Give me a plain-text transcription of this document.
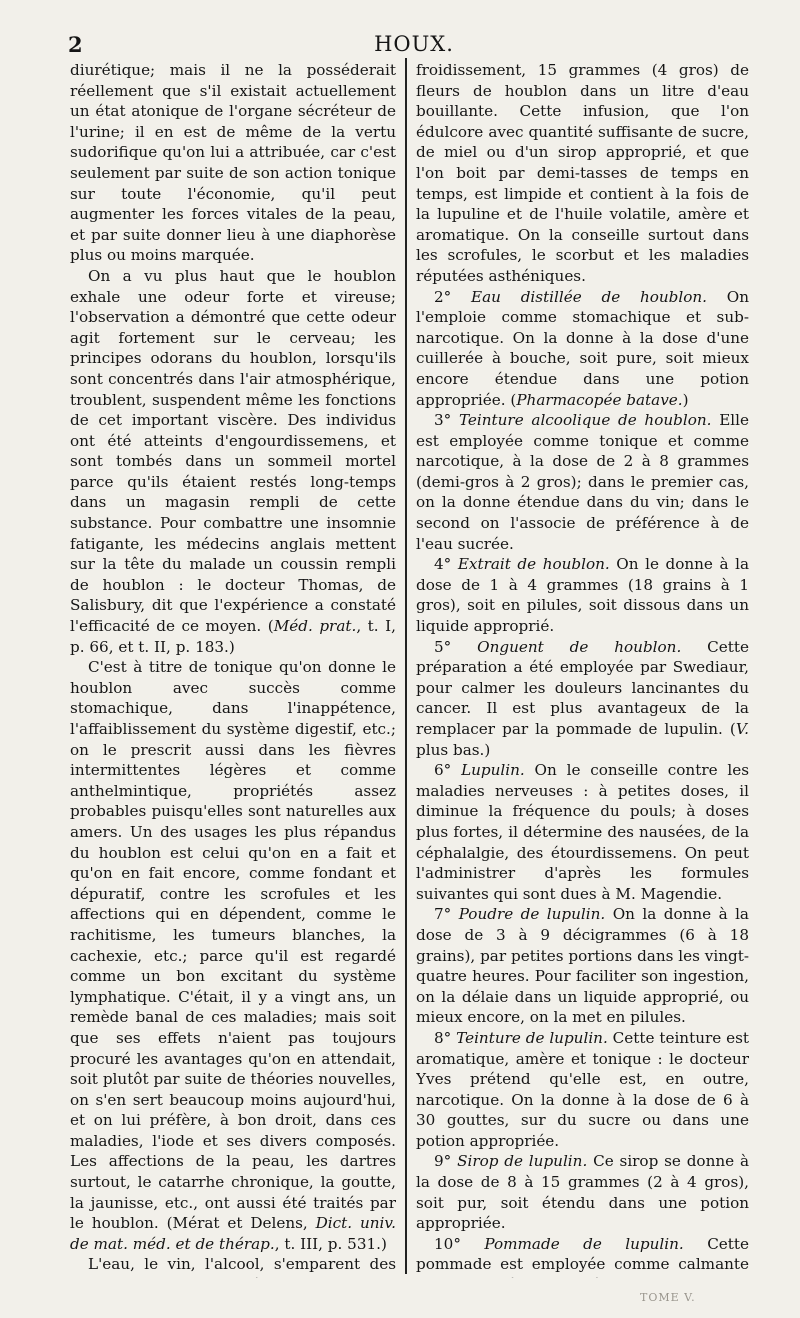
2	HOUX.

diurétique; mais il ne la posséderait réellement que s'il existait actuellement un état atonique de l'organe sécréteur de l'urine; il en est de même de la vertu sudorifique qu'on lui a attribuée, car c'est seulement par suite de son action tonique sur toute l'économie, qu'il peut augmenter les forces vitales de la peau, et par suite donner lieu à une diaphorèse plus ou moins marquée.

On a vu plus haut que le houblon exhale une odeur forte et vireuse; l'observation a démontré que cette odeur agit fortement sur le cerveau; les principes odorans du houblon, lorsqu'ils sont concentrés dans l'air atmosphérique, troublent, suspendent même les fonctions de cet important viscère. Des individus ont été atteints d'engourdissemens, et sont tombés dans un sommeil mortel parce qu'ils étaient restés long-temps dans un magasin rempli de cette substance. Pour combattre une insomnie fatigante, les médecins anglais mettent sur la tête du malade un coussin rempli de houblon : le docteur Thomas, de Salisbury, dit que l'expérience a constaté l'efficacité de ce moyen. (Méd. prat., t. I, p. 66, et t. II, p. 183.)

C'est à titre de tonique qu'on donne le houblon avec succès comme stomachique, dans l'inappétence, l'affaiblissement du système digestif, etc.; on le prescrit aussi dans les fièvres intermittentes légères et comme anthelmintique, propriétés assez probables puisqu'elles sont naturelles aux amers. Un des usages les plus répandus du houblon est celui qu'on en a fait et qu'on en fait encore, comme fondant et dépuratif, contre les scrofules et les affections qui en dépendent, comme le rachitisme, les tumeurs blanches, la cachexie, etc.; parce qu'il est regardé comme un bon excitant du système lymphatique. C'était, il y a vingt ans, un remède banal de ces maladies; mais soit que ses effets n'aient pas toujours procuré les avantages qu'on en attendait, soit plutôt par suite de théories nouvelles, on s'en sert beaucoup moins aujourd'hui, et on lui préfère, à bon droit, dans ces maladies, l'iode et ses divers composés. Les affections de la peau, les dartres surtout, le catarrhe chronique, la goutte, la jaunisse, etc., ont aussi été traités par le houblon. (Mérat et Delens, Dict. univ. de mat. méd. et de thérap., t. III, p. 531.)

L'eau, le vin, l'alcool, s'emparent des

froidissement, 15 grammes (4 gros) de fleurs de houblon dans un litre d'eau bouillante. Cette infusion, que l'on édulcore avec quantité suffisante de sucre, de miel ou d'un sirop approprié, et que l'on boit par demi-tasses de temps en temps, est limpide et contient à la fois de la lupuline et de l'huile volatile, amère et aromatique. On la conseille surtout dans les scrofules, le scorbut et les maladies réputées asthéniques.

2° Eau distillée de houblon. On l'emploie comme stomachique et sub-narcotique. On la donne à la dose d'une cuillerée à bouche, soit pure, soit mieux encore étendue dans une potion appropriée. (Pharmacopée batave.)

3° Teinture alcoolique de houblon. Elle est employée comme tonique et comme narcotique, à la dose de 2 à 8 grammes (demi-gros à 2 gros); dans le premier cas, on la donne étendue dans du vin; dans le second on l'associe de préférence à de l'eau sucrée.

4° Extrait de houblon. On le donne à la dose de 1 à 4 grammes (18 grains à 1 gros), soit en pilules, soit dissous dans un liquide approprié.

5° Onguent de houblon. Cette préparation a été employée par Swediaur, pour calmer les douleurs lancinantes du cancer. Il est plus avantageux de la remplacer par la pommade de lupulin. (V. plus bas.)

6° Lupulin. On le conseille contre les maladies nerveuses : à petites doses, il diminue la fréquence du pouls; à doses plus fortes, il détermine des nausées, de la céphalalgie, des étourdissemens. On peut l'administrer d'après les formules suivantes qui sont dues à M. Magendie.

7° Poudre de lupulin. On la donne à la dose de 3 à 9 décigrammes (6 à 18 grains), par petites portions dans les vingt-quatre heures. Pour faciliter son ingestion, on la délaie dans un liquide approprié, ou mieux encore, on la met en pilules.

8° Teinture de lupulin. Cette teinture est aromatique, amère et tonique : le docteur Yves prétend qu'elle est, en outre, narcotique. On la donne à la dose de 6 à 30 gouttes, sur du sucre ou dans une potion appropriée.

9° Sirop de lupulin. Ce sirop se donne à la dose de 8 à 15 grammes (2 à 4 gros), soit pur, soit étendu dans une potion appropriée.

10° Pommade de lupulin. Cette pommade est employée comme calmante

TOME V.
